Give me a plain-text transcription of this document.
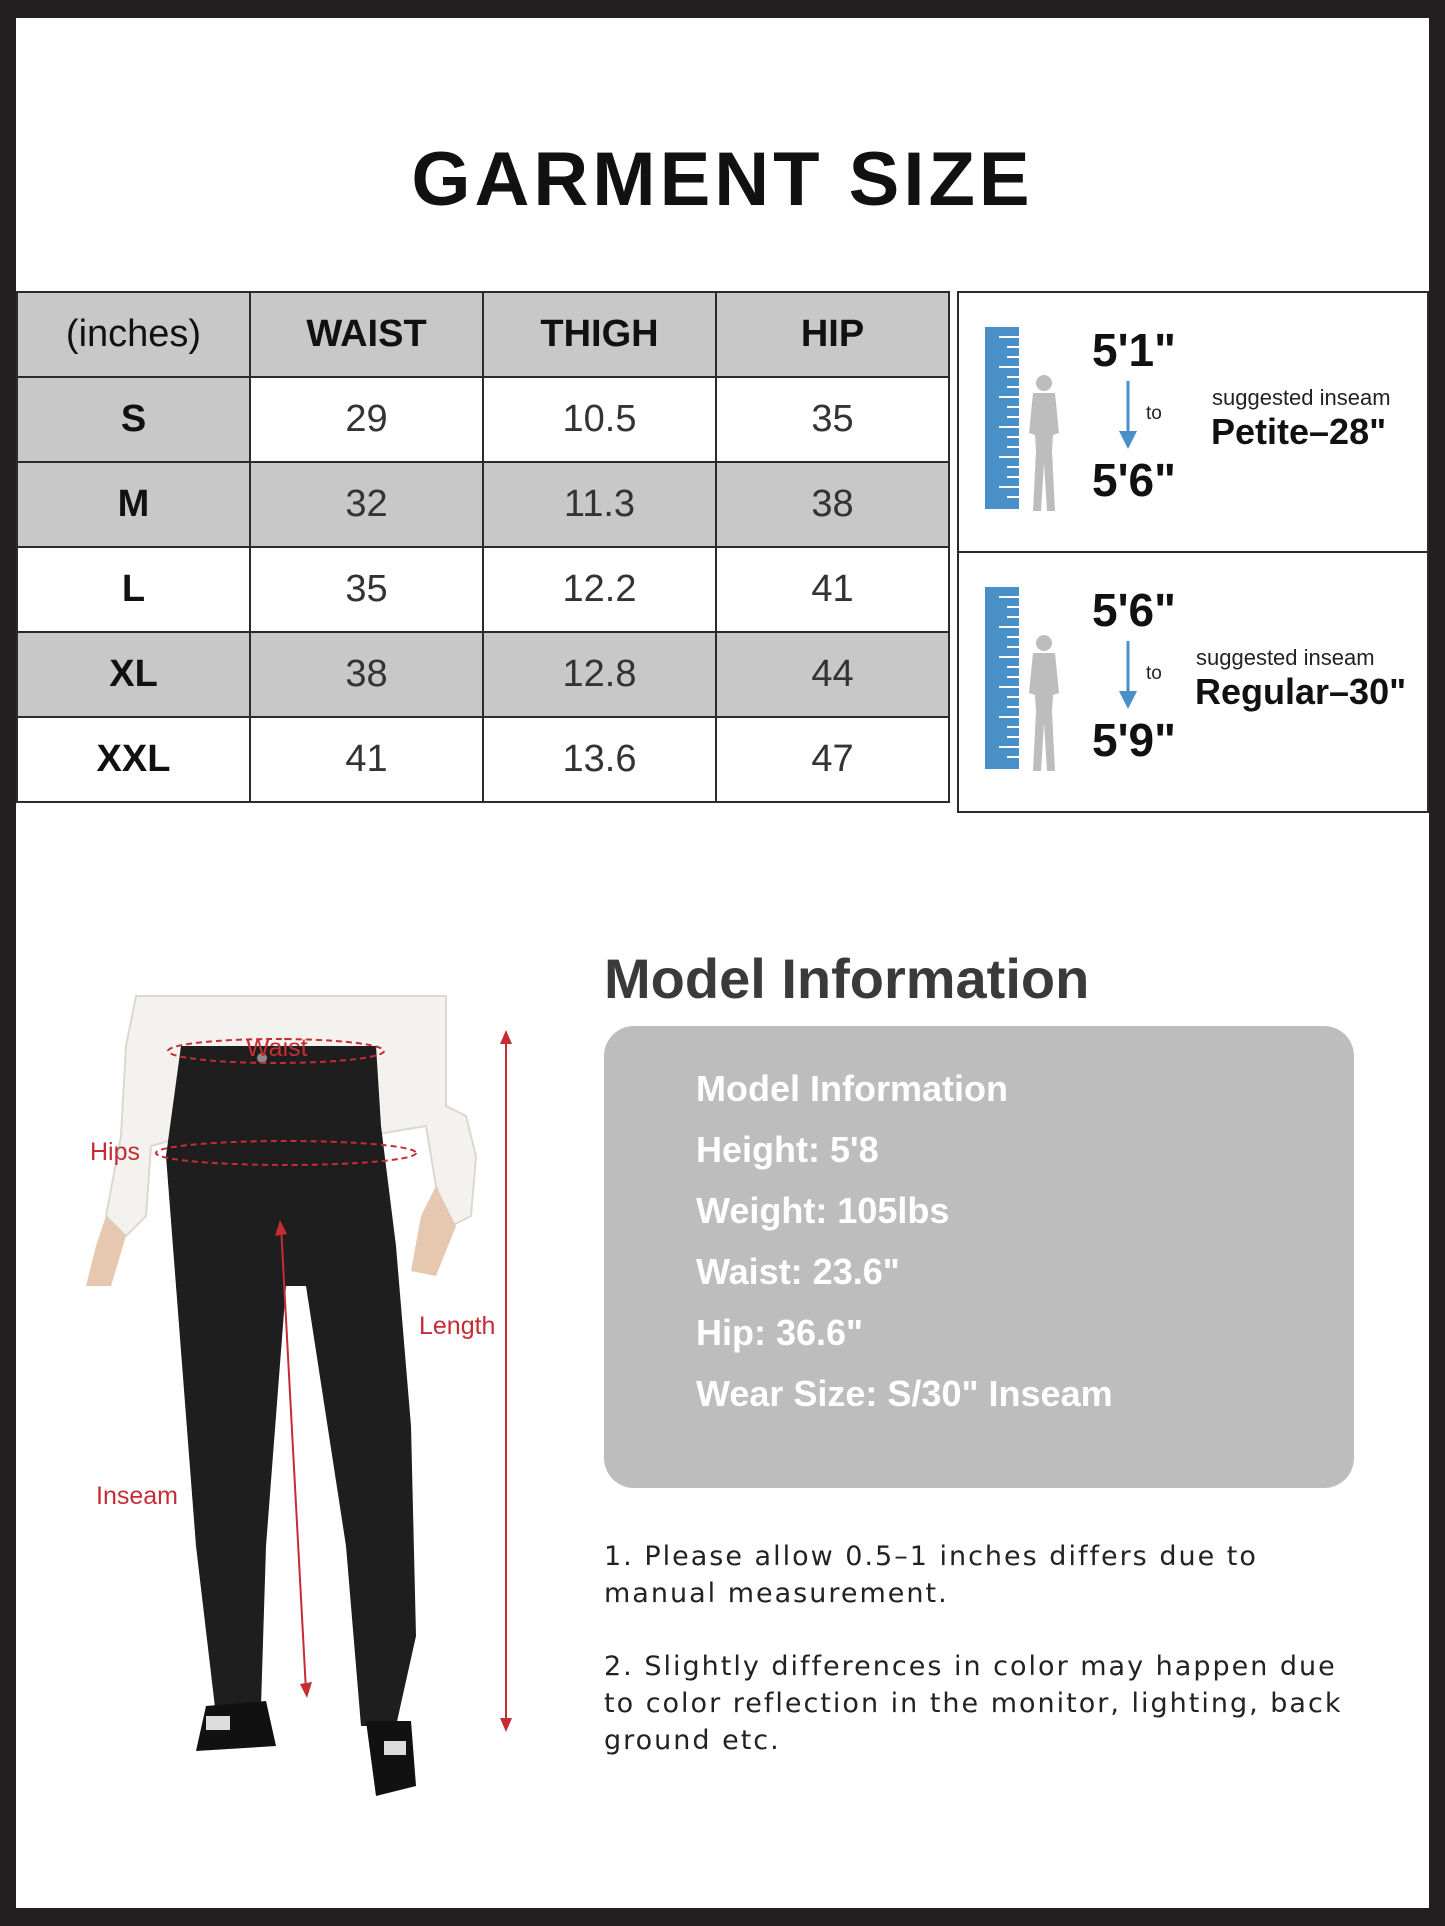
GARMENT SIZE
(inches)	WAIST	THIGH	HIP
S	29	10.5	35
M	32	11.3	38
L	35	12.2	41
XL	38	12.8	44
XXL	41	13.6	47
5'1"
to
5'6"
suggested inseam
Petite–28"
5'6"
to
5'9"
suggested inseam
Regular–30"
Waist
Hips
Length
Inseam
Model Information
Model Information
Height: 5'8
Weight: 105lbs
Waist: 23.6"
Hip: 36.6"
Wear Size: S/30" Inseam
1. Please allow 0.5–1 inches differs due to manual measurement.
2. Slightly differences in color may happen due to color reflection in the monitor, lighting, back ground etc.
